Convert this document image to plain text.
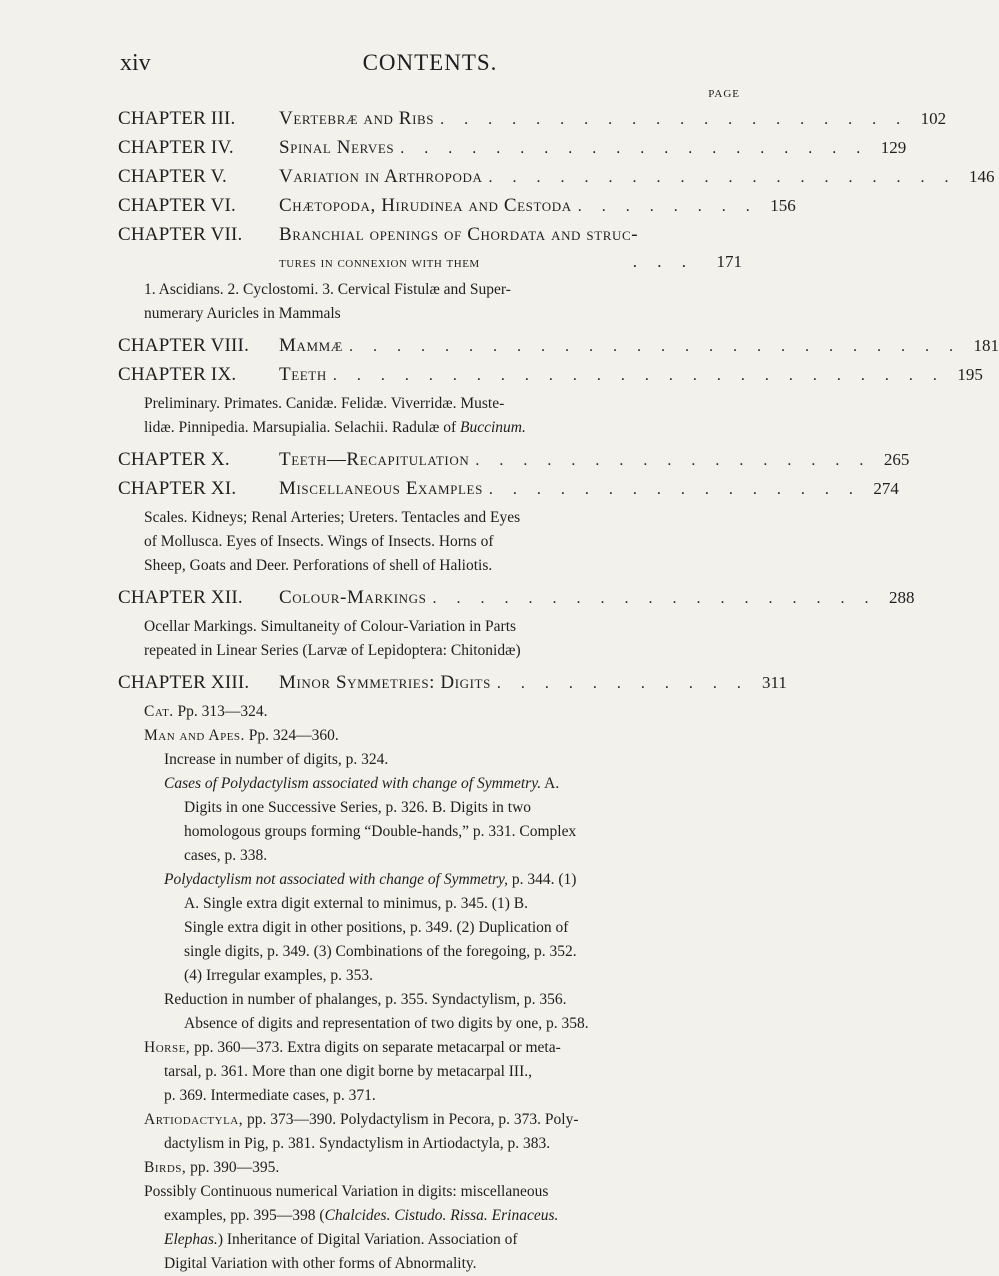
xiv	CONTENTS.
PAGE
CHAPTER III.	Vertebræ and Ribs . . . . . . . . . . . . . . . . . . . . 102
CHAPTER IV.	Spinal Nerves . . . . . . . . . . . . . . . . . . . . 129
CHAPTER V.	Variation in Arthropoda . . . . . . . . . . . . . . . . . . . . 146
CHAPTER VI.	Chætopoda, Hirudinea and Cestoda . . . . . . . . 156
CHAPTER VII.	Branchial openings of Chordata and struc-
tures in connexion with them	. . .	171
1. Ascidians. 2. Cyclostomi. 3. Cervical Fistulæ and Super-
numerary Auricles in Mammals
CHAPTER VIII.	Mammæ . . . . . . . . . . . . . . . . . . . . . . . . . . 181
CHAPTER IX.	Teeth . . . . . . . . . . . . . . . . . . . . . . . . . . 195
Preliminary. Primates. Canidæ. Felidæ. Viverridæ. Muste-
lidæ. Pinnipedia. Marsupialia. Selachii. Radulæ of Buccinum.
CHAPTER X.	Teeth—Recapitulation . . . . . . . . . . . . . . . . . 265
CHAPTER XI.	Miscellaneous Examples . . . . . . . . . . . . . . . . 274
Scales. Kidneys; Renal Arteries; Ureters. Tentacles and Eyes
of Mollusca. Eyes of Insects. Wings of Insects. Horns of
Sheep, Goats and Deer. Perforations of shell of Haliotis.
CHAPTER XII.	Colour-Markings . . . . . . . . . . . . . . . . . . . 288
Ocellar Markings. Simultaneity of Colour-Variation in Parts
repeated in Linear Series (Larvæ of Lepidoptera: Chitonidæ)
CHAPTER XIII.	Minor Symmetries: Digits . . . . . . . . . . . 311
Cat. Pp. 313—324.
Man and Apes. Pp. 324—360.
Increase in number of digits, p. 324.
Cases of Polydactylism associated with change of Symmetry. A.
Digits in one Successive Series, p. 326. B. Digits in two
homologous groups forming “Double-hands,” p. 331. Complex
cases, p. 338.
Polydactylism not associated with change of Symmetry, p. 344. (1)
A. Single extra digit external to minimus, p. 345. (1) B.
Single extra digit in other positions, p. 349. (2) Duplication of
single digits, p. 349. (3) Combinations of the foregoing, p. 352.
(4) Irregular examples, p. 353.
Reduction in number of phalanges, p. 355. Syndactylism, p. 356.
Absence of digits and representation of two digits by one, p. 358.
Horse, pp. 360—373. Extra digits on separate metacarpal or meta-
tarsal, p. 361. More than one digit borne by metacarpal III.,
p. 369. Intermediate cases, p. 371.
Artiodactyla, pp. 373—390. Polydactylism in Pecora, p. 373. Poly-
dactylism in Pig, p. 381. Syndactylism in Artiodactyla, p. 383.
Birds, pp. 390—395.
Possibly Continuous numerical Variation in digits: miscellaneous
examples, pp. 395—398 (Chalcides. Cistudo. Rissa. Erinaceus.
Elephas.) Inheritance of Digital Variation. Association of
Digital Variation with other forms of Abnormality.
